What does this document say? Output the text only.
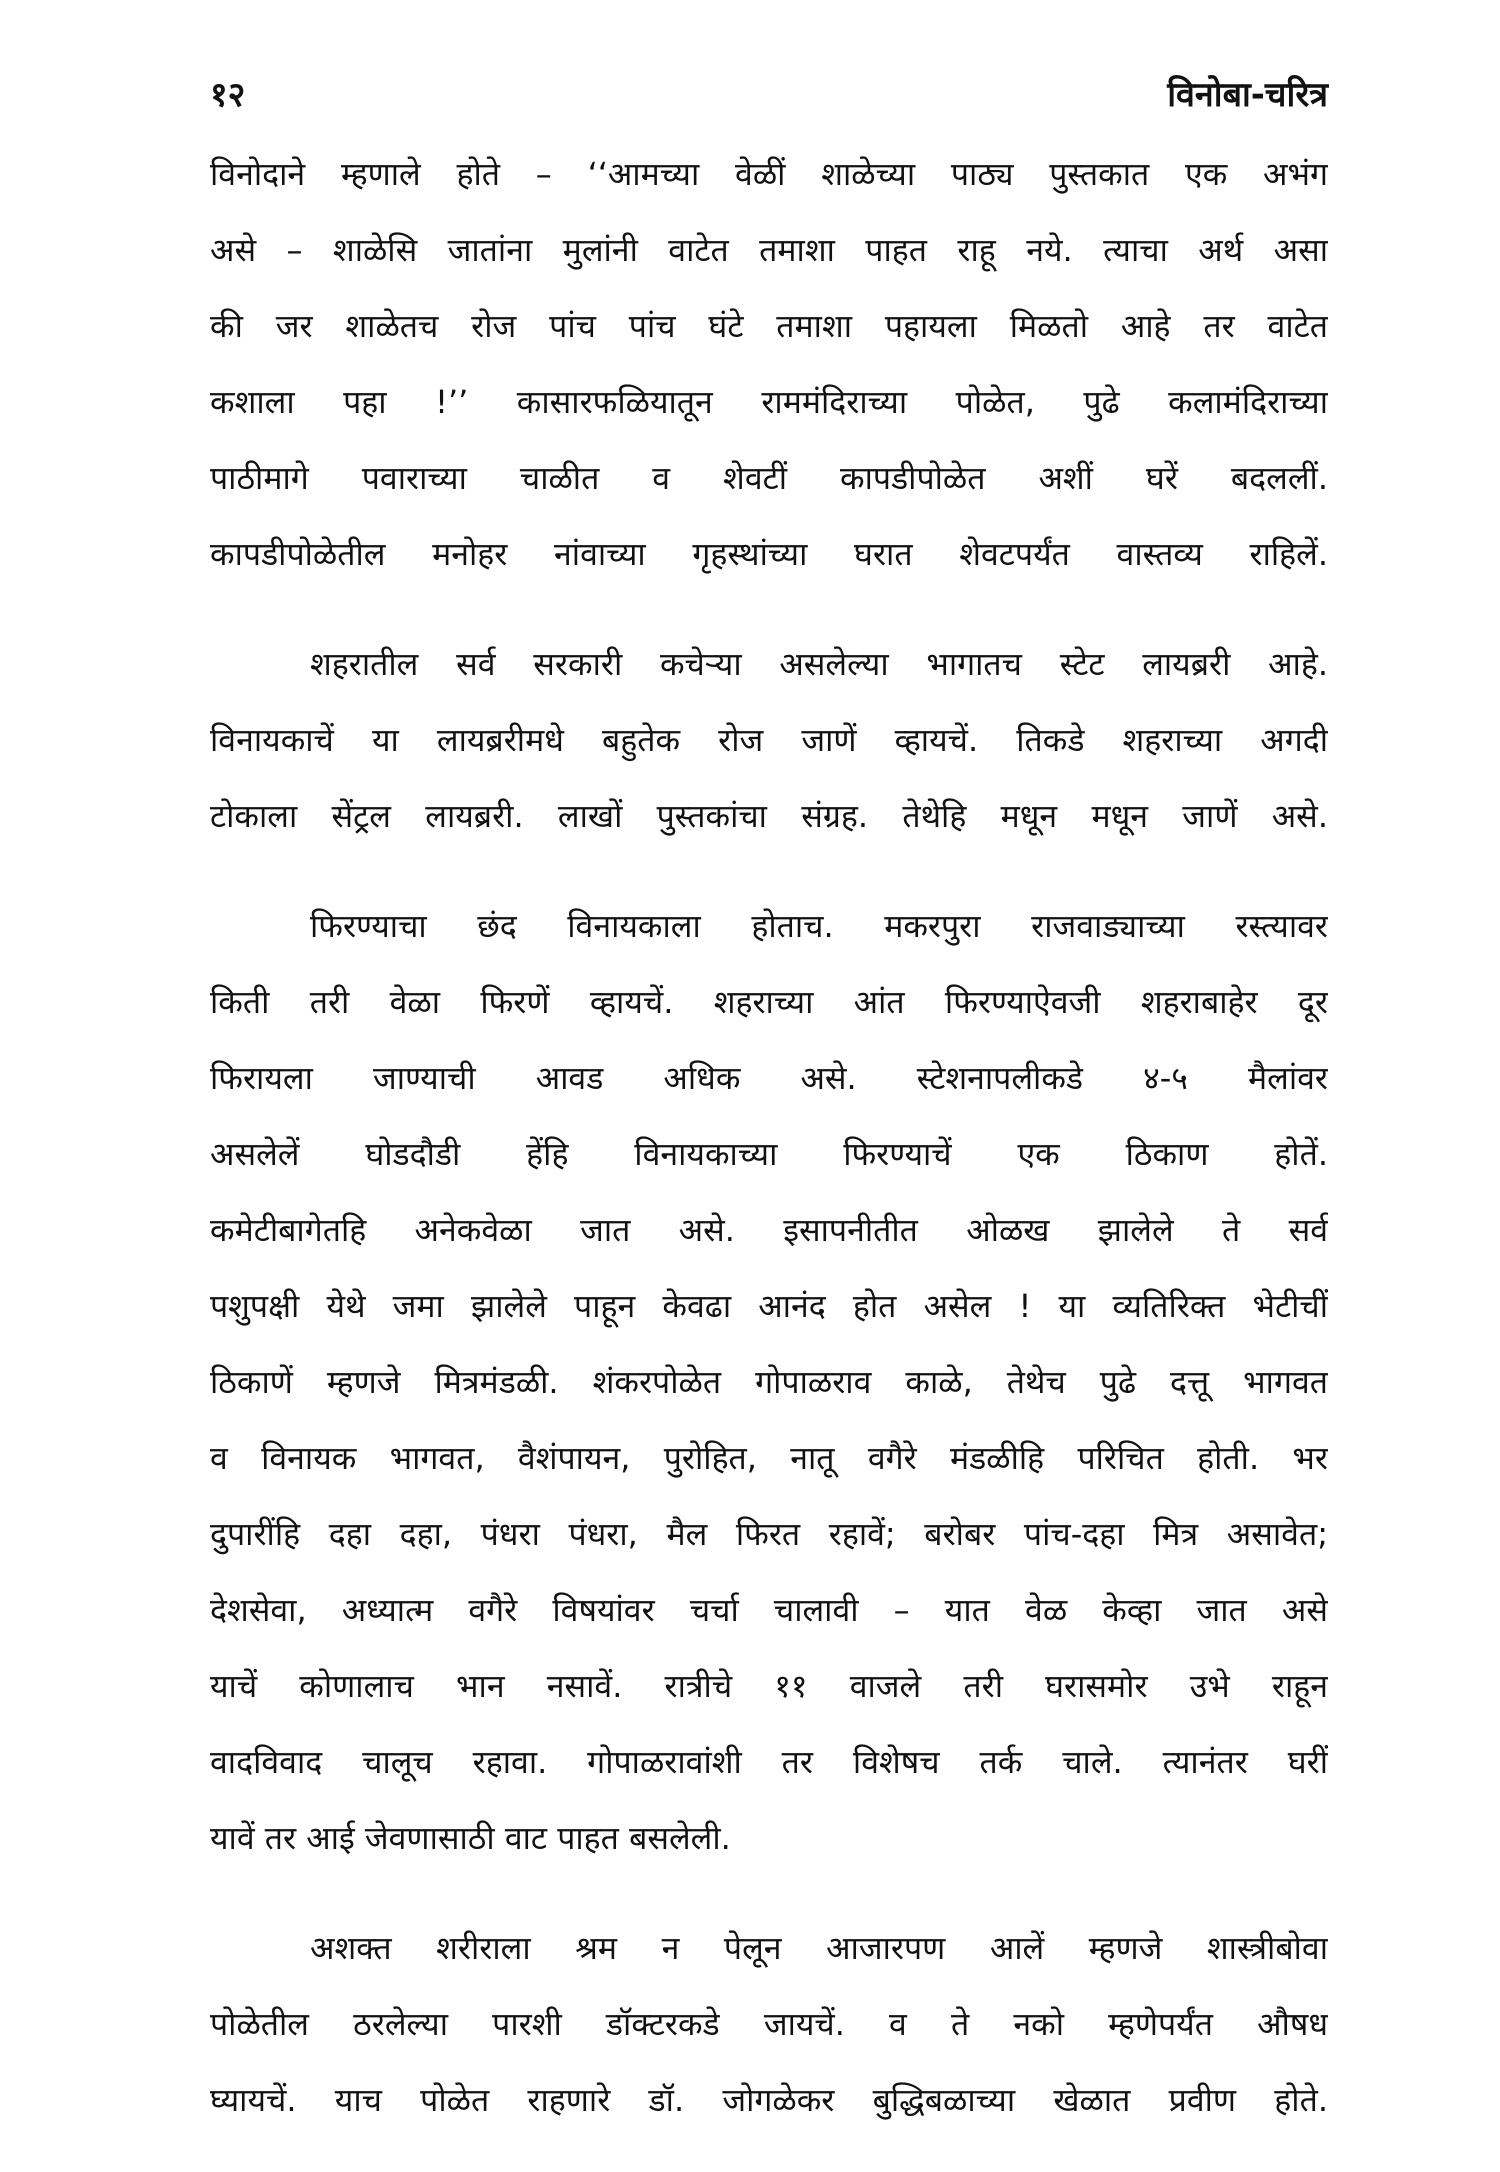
१२	विनोबा-चरित्र
विनोदाने म्हणाले होते – ‘‘आमच्या वेळीं शाळेच्या पाठ्य पुस्तकात एक अभंग
असे – शाळेसि जातांना मुलांनी वाटेत तमाशा पाहत राहू नये. त्याचा अर्थ असा
की जर शाळेतच रोज पांच पांच घंटे तमाशा पहायला मिळतो आहे तर वाटेत
कशाला पहा !’’ कासारफळियातून राममंदिराच्या पोळेत, पुढे कलामंदिराच्या
पाठीमागे पवाराच्या चाळीत व शेवटीं कापडीपोळेत अशीं घरें बदललीं.
कापडीपोळेतील मनोहर नांवाच्या गृहस्थांच्या घरात शेवटपर्यंत वास्तव्य राहिलें.
शहरातील सर्व सरकारी कचेऱ्या असलेल्या भागातच स्टेट लायब्ररी आहे.
विनायकाचें या लायब्ररीमधे बहुतेक रोज जाणें व्हायचें. तिकडे शहराच्या अगदी
टोकाला सेंट्रल लायब्ररी. लाखों पुस्तकांचा संग्रह. तेथेहि मधून मधून जाणें असे.
फिरण्याचा छंद विनायकाला होताच. मकरपुरा राजवाड्याच्या रस्त्यावर
किती तरी वेळा फिरणें व्हायचें. शहराच्या आंत फिरण्याऐवजी शहराबाहेर दूर
फिरायला जाण्याची आवड अधिक असे. स्टेशनापलीकडे ४-५ मैलांवर
असलेलें घोडदौडी हेंहि विनायकाच्या फिरण्याचें एक ठिकाण होतें.
कमेटीबागेतहि अनेकवेळा जात असे. इसापनीतीत ओळख झालेले ते सर्व
पशुपक्षी येथे जमा झालेले पाहून केवढा आनंद होत असेल ! या व्यतिरिक्त भेटीचीं
ठिकाणें म्हणजे मित्रमंडळी. शंकरपोळेत गोपाळराव काळे, तेथेच पुढे दत्तू भागवत
व विनायक भागवत, वैशंपायन, पुरोहित, नातू वगैरे मंडळीहि परिचित होती. भर
दुपारींहि दहा दहा, पंधरा पंधरा, मैल फिरत रहावें; बरोबर पांच-दहा मित्र असावेत;
देशसेवा, अध्यात्म वगैरे विषयांवर चर्चा चालावी – यात वेळ केव्हा जात असे
याचें कोणालाच भान नसावें. रात्रीचे ११ वाजले तरी घरासमोर उभे राहून
वादविवाद चालूच रहावा. गोपाळरावांशी तर विशेषच तर्क चाले. त्यानंतर घरीं
यावें तर आई जेवणासाठी वाट पाहत बसलेली.
अशक्त शरीराला श्रम न पेलून आजारपण आलें म्हणजे शास्त्रीबोवा
पोळेतील ठरलेल्या पारशी डॉक्टरकडे जायचें. व ते नको म्हणेपर्यंत औषध
घ्यायचें. याच पोळेत राहणारे डॉ. जोगळेकर बुद्धिबळाच्या खेळात प्रवीण होते.
